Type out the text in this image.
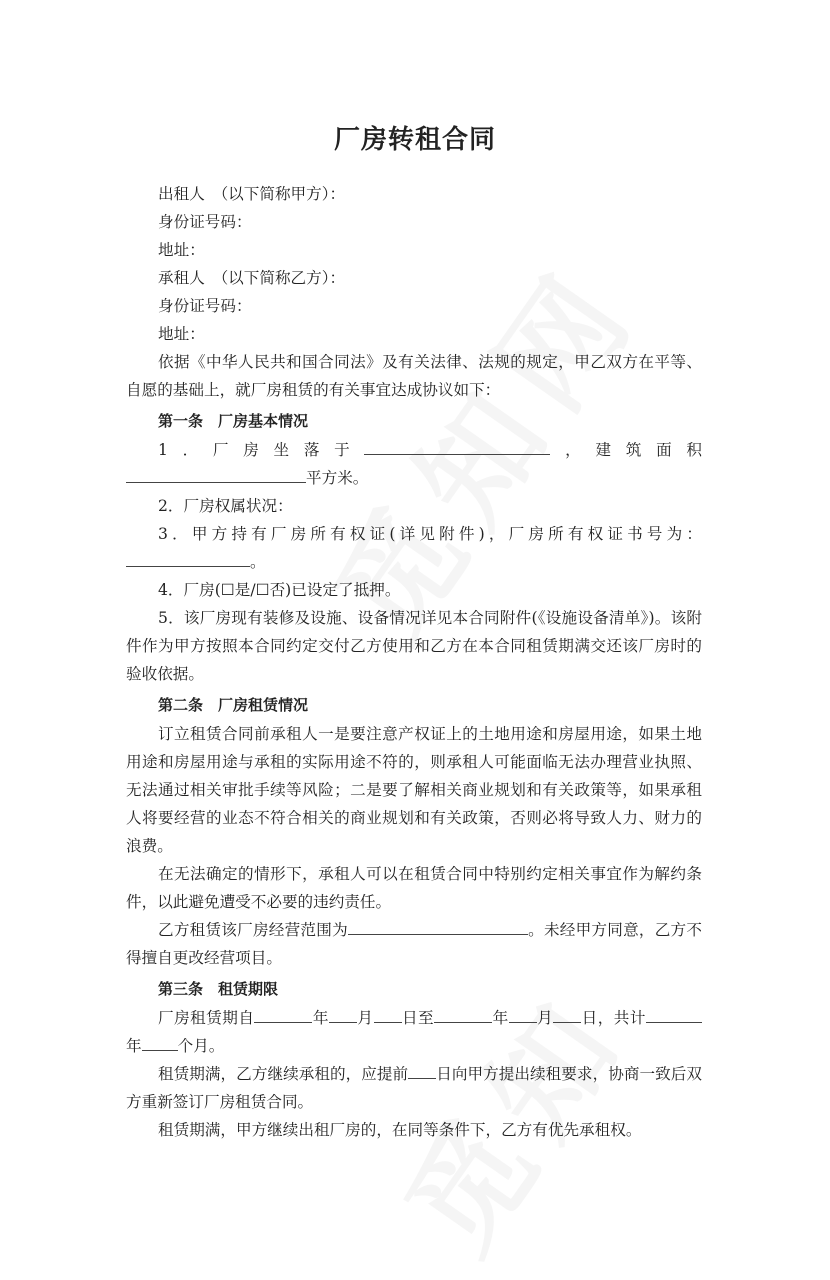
厂房转租合同

出租人　（以下简称甲方）：

身份证号码：

地址：

承租人　（以下简称乙方）：

身份证号码：

地址：

依据《中华人民共和国合同法》及有关法律、法规的规定，甲乙双方在平等、自愿的基础上，就厂房租赁的有关事宜达成协议如下：

第一条　厂房基本情况

1．厂房坐落于	，建筑面积平方米。

2．厂房权属状况：

3．甲方持有厂房所有权证(详见附件)，厂房所有权证书号为：。

4．厂房(☐是/☐否)已设定了抵押。

5．该厂房现有装修及设施、设备情况详见本合同附件(《设施设备清单》)。该附件作为甲方按照本合同约定交付乙方使用和乙方在本合同租赁期满交还该厂房时的验收依据。

第二条　厂房租赁情况

订立租赁合同前承租人一是要注意产权证上的土地用途和房屋用途，如果土地用途和房屋用途与承租的实际用途不符的，则承租人可能面临无法办理营业执照、无法通过相关审批手续等风险；二是要了解相关商业规划和有关政策等，如果承租人将要经营的业态不符合相关的商业规划和有关政策，否则必将导致人力、财力的浪费。

在无法确定的情形下，承租人可以在租赁合同中特别约定相关事宜作为解约条件，以此避免遭受不必要的违约责任。

乙方租赁该厂房经营范围为	。未经甲方同意，乙方不得擅自更改经营项目。

第三条　租赁期限

厂房租赁期自	年 月 日至	年 月 日，共计年 个月。

租赁期满，乙方继续承租的，应提前 日向甲方提出续租要求，协商一致后双方重新签订厂房租赁合同。

租赁期满，甲方继续出租厂房的，在同等条件下，乙方有优先承租权。
